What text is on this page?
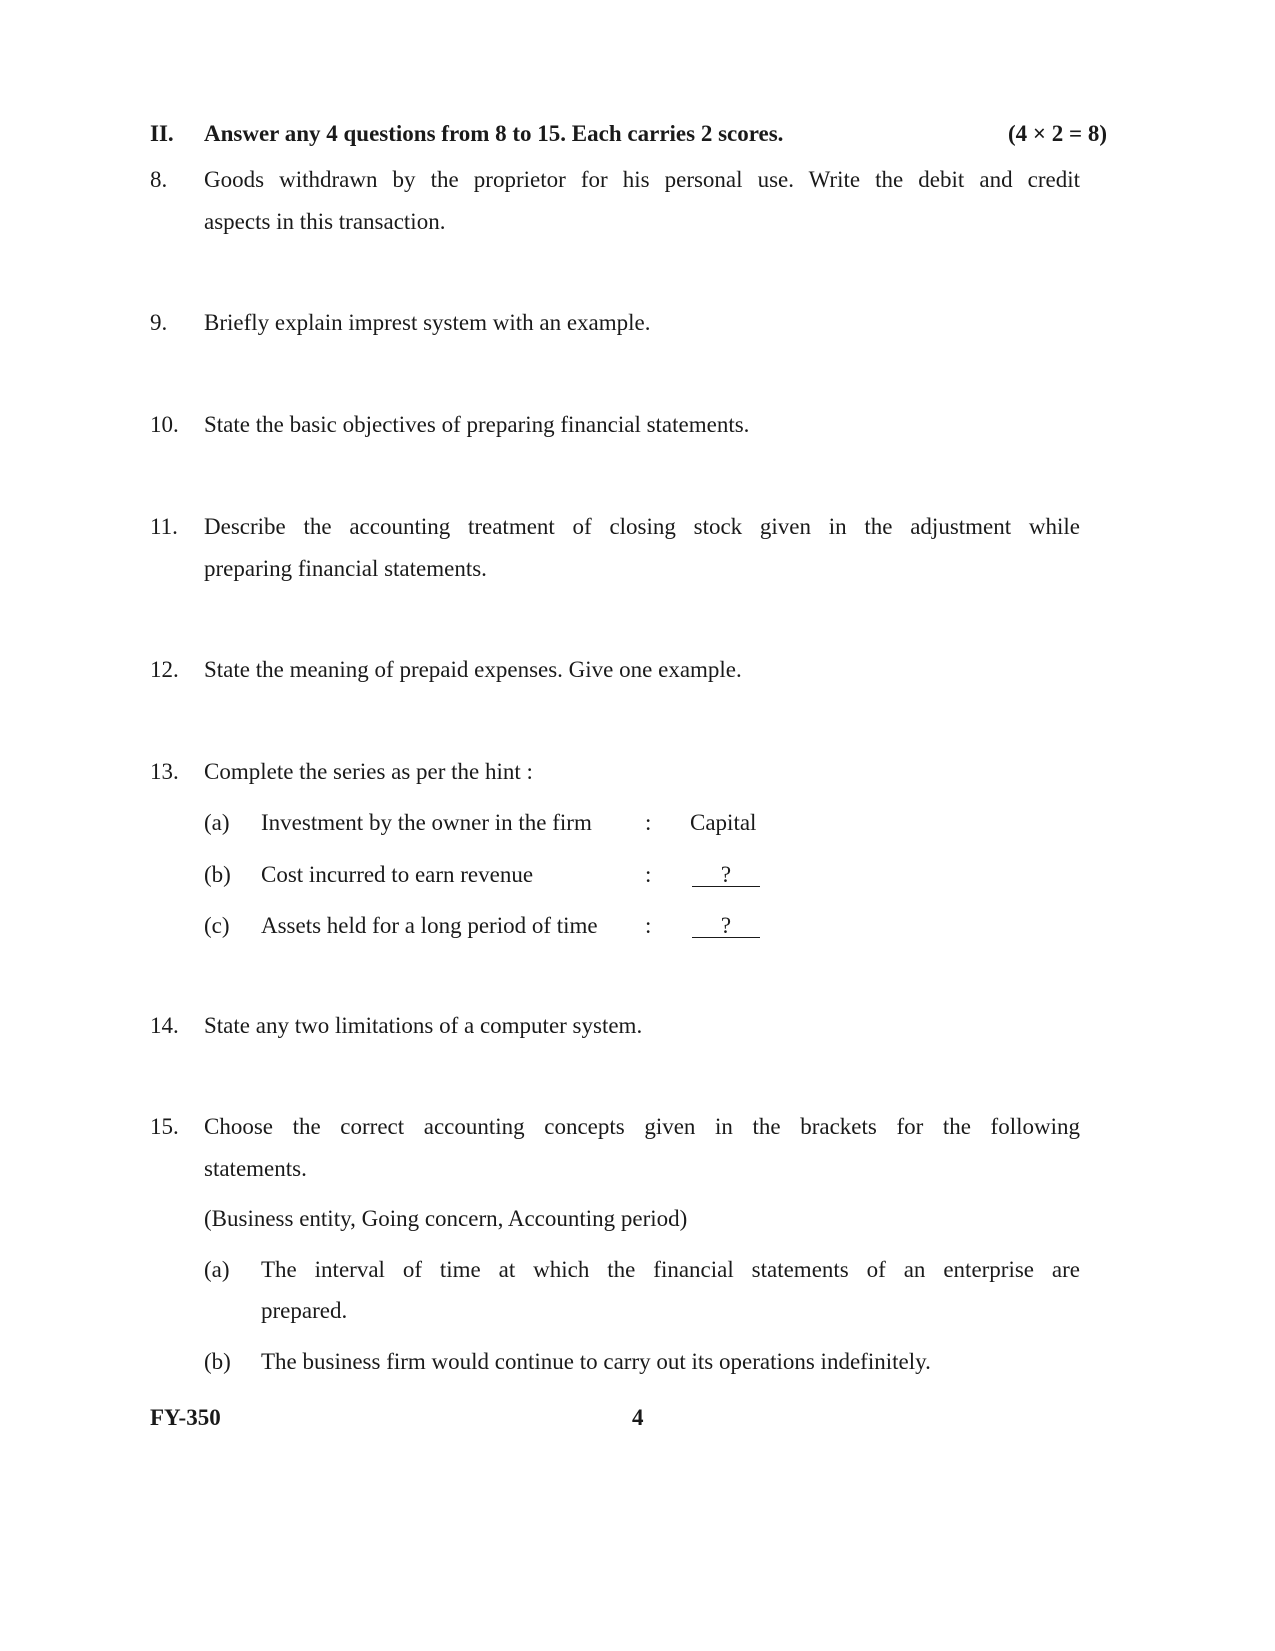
II. Answer any 4 questions from 8 to 15. Each carries 2 scores.	(4 × 2 = 8)
8. Goods withdrawn by the proprietor for his personal use. Write the debit and credit
aspects in this transaction.
9. Briefly explain imprest system with an example.
10. State the basic objectives of preparing financial statements.
11. Describe the accounting treatment of closing stock given in the adjustment while
preparing financial statements.
12. State the meaning of prepaid expenses. Give one example.
13. Complete the series as per the hint :
(a) Investment by the owner in the firm : Capital
(b) Cost incurred to earn revenue	:	?
(c) Assets held for a long period of time :	?
14. State any two limitations of a computer system.
15. Choose the correct accounting concepts given in the brackets for the following
statements.
(Business entity, Going concern, Accounting period)
(a) The interval of time at which the financial statements of an enterprise are
prepared.
(b) The business firm would continue to carry out its operations indefinitely.
FY-350	4
